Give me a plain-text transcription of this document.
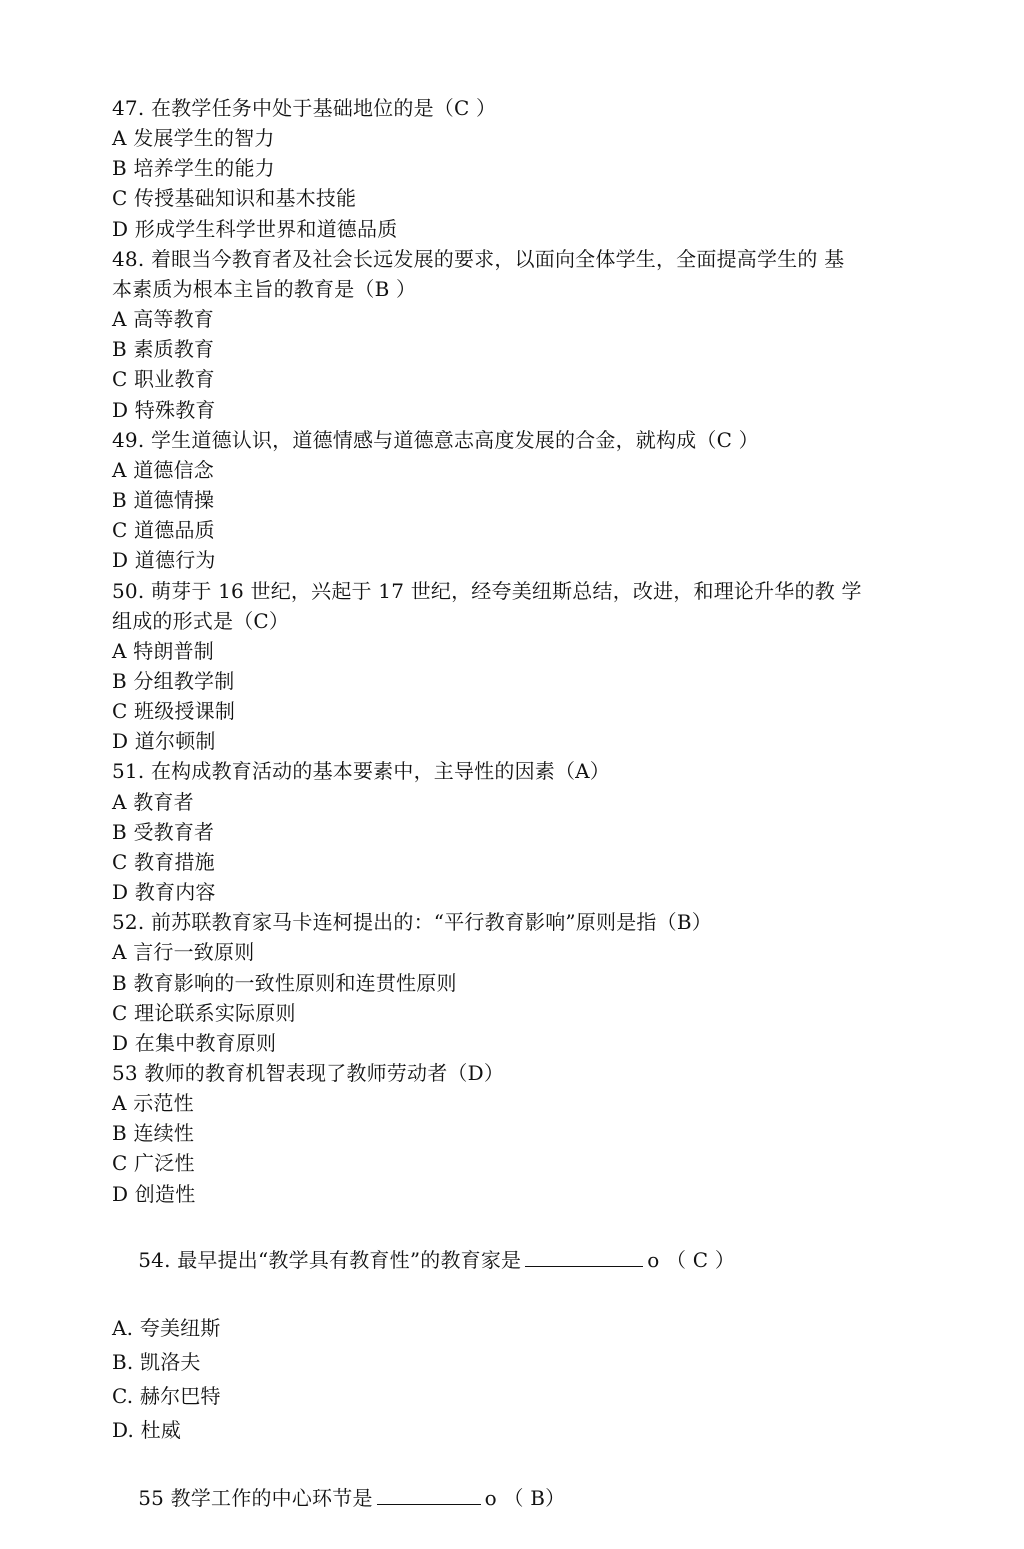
47. 在教学任务中处于基础地位的是（C ）
A 发展学生的智力
B 培养学生的能力
C 传授基础知识和基木技能
D 形成学生科学世界和道德品质
48. 着眼当今教育者及社会长远发展的要求，以面向全体学生，全面提高学生的 基
本素质为根本主旨的教育是（B ）
A 高等教育
B 素质教育
C 职业教育
D 特殊教育
49. 学生道德认识，道德情感与道德意志高度发展的合金，就构成（C ）
A 道德信念
B 道德情操
C 道德品质
D 道德行为
50. 萌芽于 16 世纪，兴起于 17 世纪，经夸美纽斯总结，改进，和理论升华的教 学
组成的形式是（C）
A 特朗普制
B 分组教学制
C 班级授课制
D 道尔顿制
51. 在构成教育活动的基本要素中，主导性的因素（A）
A 教育者
B 受教育者
C 教育措施
D 教育内容
52. 前苏联教育家马卡连柯提出的：“平行教育影响”原则是指（B）
A 言行一致原则
B 教育影响的一致性原则和连贯性原则
C 理论联系实际原则
D 在集中教育原则
53 教师的教育机智表现了教师劳动者（D）
A 示范性
B 连续性
C 广泛性
D 创造性

54. 最早提出“教学具有教育性”的教育家是	o （ C ）

A. 夸美纽斯
B. 凯洛夫
C. 赫尔巴特
D. 杜威

55 教学工作的中心环节是	o （ B）
